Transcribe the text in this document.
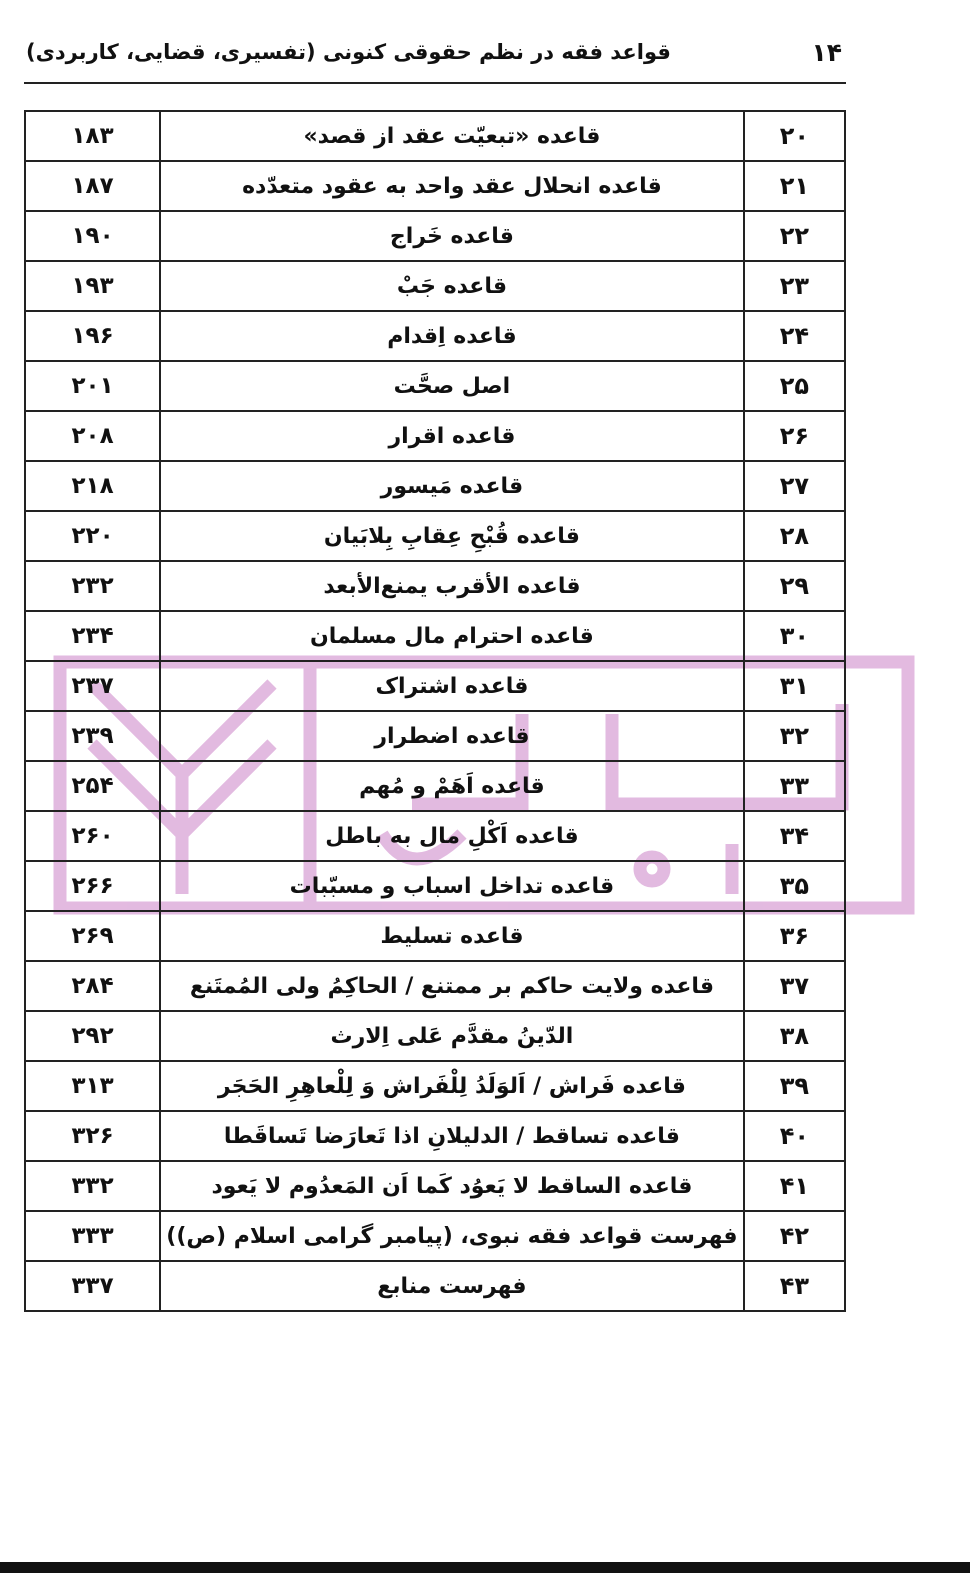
۱۴
قواعد فقه در نظم حقوقی کنونی (تفسیری، قضایی، کاربردی)
۲۰	قاعده «تبعیّت عقد از قصد»	۱۸۳
۲۱	قاعده انحلال عقد واحد به عقود متعدّده	۱۸۷
۲۲	قاعده خَراج	۱۹۰
۲۳	قاعده جَبْ	۱۹۳
۲۴	قاعده اِقدام	۱۹۶
۲۵	اصل صحَّت	۲۰۱
۲۶	قاعده اقرار	۲۰۸
۲۷	قاعده مَیسور	۲۱۸
۲۸	قاعده قُبْحِ عِقابِ بِلابَیان	۲۲۰
۲۹	قاعده الأقرب یمنع‌الأبعد	۲۳۲
۳۰	قاعده احترام مال مسلمان	۲۳۴
۳۱	قاعده اشتراک	۲۳۷
۳۲	قاعده اضطرار	۲۳۹
۳۳	قاعده اَهَمْ و مُهم	۲۵۴
۳۴	قاعده اَکْلِ مال به باطل	۲۶۰
۳۵	قاعده تداخل اسباب و مسبّبات	۲۶۶
۳۶	قاعده تسلیط	۲۶۹
۳۷	قاعده ولایت حاکم بر ممتنع / الحاکِمُ ولی المُمتَنع	۲۸۴
۳۸	الدّینُ مقدَّم عَلی اِلارث	۲۹۲
۳۹	قاعده فَراش / اَلوَلَدُ لِلْفَراش وَ لِلْعاهِرِ الحَجَر	۳۱۳
۴۰	قاعده تساقط / الدلیلانِ اذا تَعارَضا تَساقَطا	۳۲۶
۴۱	قاعده الساقط لا یَعوُد کَما اَن المَعدُوم لا یَعود	۳۳۲
۴۲	فهرست قواعد فقه نبوی، (پیامبر گرامی اسلام (ص))	۳۳۳
۴۳	فهرست منابع	۳۳۷
